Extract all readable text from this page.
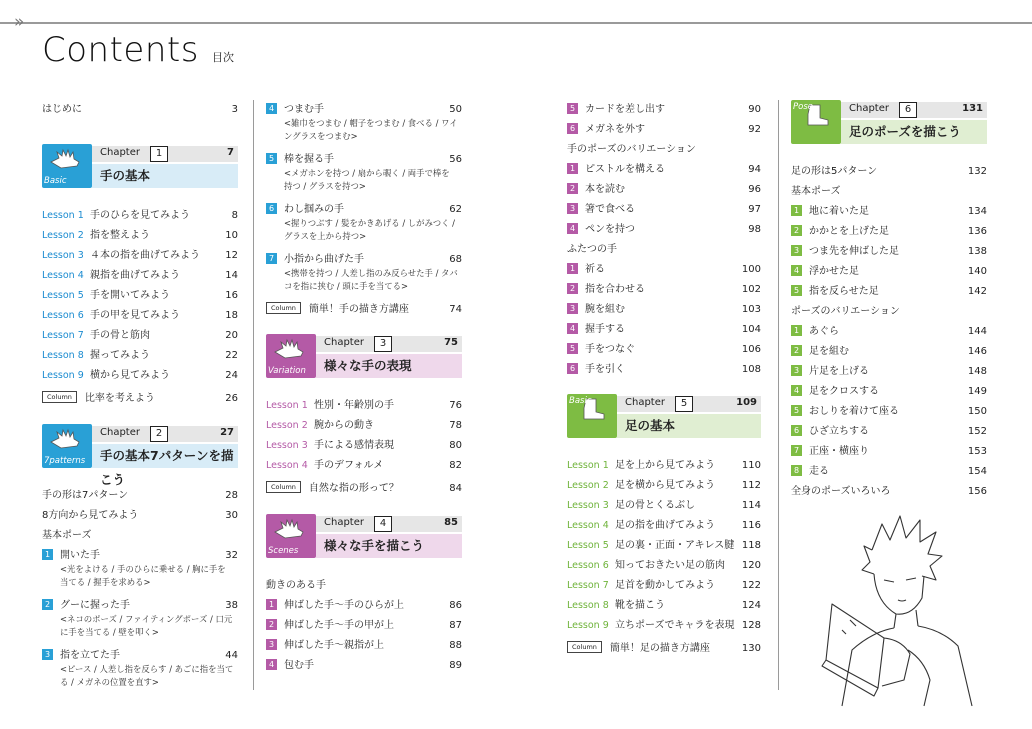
»
Contents 目次
はじめに	3
Basic
Chapter	1	7
手の基本
Lesson 1 手のひらを見てみよう	8
Lesson 2 指を整えよう	10
Lesson 3 ４本の指を曲げてみよう	12
Lesson 4 親指を曲げてみよう	14
Lesson 5 手を開いてみよう	16
Lesson 6 手の甲を見てみよう	18
Lesson 7 手の骨と筋肉	20
Lesson 8 握ってみよう	22
Lesson 9 横から見てみよう	24
Column 比率を考えよう	26
7patterns
Chapter	2	27
手の基本7パターンを描こう
手の形は7パターン	28
8方向から見てみよう	30
基本ポーズ
1 開いた手	32
<光をよける / 手のひらに乗せる / 胸に手を当てる / 握手を求める>
2 グーに握った手	38
<ネコのポーズ / ファイティングポーズ / 口元に手を当てる / 壁を叩く>
3 指を立てた手	44
<ピース / 人差し指を反らす / あごに指を当てる / メガネの位置を直す>
4 つまむ手	50
<雑巾をつまむ / 帽子をつまむ / 食べる / ワイングラスをつまむ>
5 棒を握る手	56
<メガホンを持つ / 扇から覗く / 両手で棒を持つ / グラスを持つ>
6 わし掴みの手	62
<握りつぶす / 髪をかきあげる / しがみつく / グラスを上から持つ>
7 小指から曲げた手	68
<携帯を持つ / 人差し指のみ反らせた手 / タバコを指に挟む / 頭に手を当てる>
Column 簡単！手の描き方講座	74
Variation
Chapter	3	75
様々な手の表現
Lesson 1 性別・年齢別の手	76
Lesson 2 腕からの動き	78
Lesson 3 手による感情表現	80
Lesson 4 手のデフォルメ	82
Column 自然な指の形って？	84
Scenes
Chapter	4	85
様々な手を描こう
動きのある手
1 伸ばした手〜手のひらが上	86
2 伸ばした手〜手の甲が上	87
3 伸ばした手〜親指が上	88
4 包む手	89
5 カードを差し出す	90
6 メガネを外す	92
手のポーズのバリエーション
1 ピストルを構える	94
2 本を読む	96
3 箸で食べる	97
4 ペンを持つ	98
ふたつの手
1 祈る	100
2 指を合わせる	102
3 腕を組む	103
4 握手する	104
5 手をつなぐ	106
6 手を引く	108
Basic	Chapter	5	109
足の基本
Lesson 1 足を上から見てみよう	110
Lesson 2 足を横から見てみよう	112
Lesson 3 足の骨とくるぶし	114
Lesson 4 足の指を曲げてみよう	116
Lesson 5 足の裏・正面・アキレス腱 118
Lesson 6 知っておきたい足の筋肉 120
Lesson 7 足首を動かしてみよう	122
Lesson 8 靴を描こう	124
Lesson 9 立ちポーズでキャラを表現 128
Column 簡単！足の描き方講座	130
Pose	Chapter	6	131
足のポーズを描こう
足の形は5パターン	132
基本ポーズ
1 地に着いた足	134
2 かかとを上げた足	136
3 つま先を伸ばした足	138
4 浮かせた足	140
5 指を反らせた足	142
ポーズのバリエーション
1 あぐら	144
2 足を組む	146
3 片足を上げる	148
4 足をクロスする	149
5 おしりを着けて座る	150
6 ひざ立ちする	152
7 正座・横座り	153
8 走る	154
全身のポーズいろいろ	156
